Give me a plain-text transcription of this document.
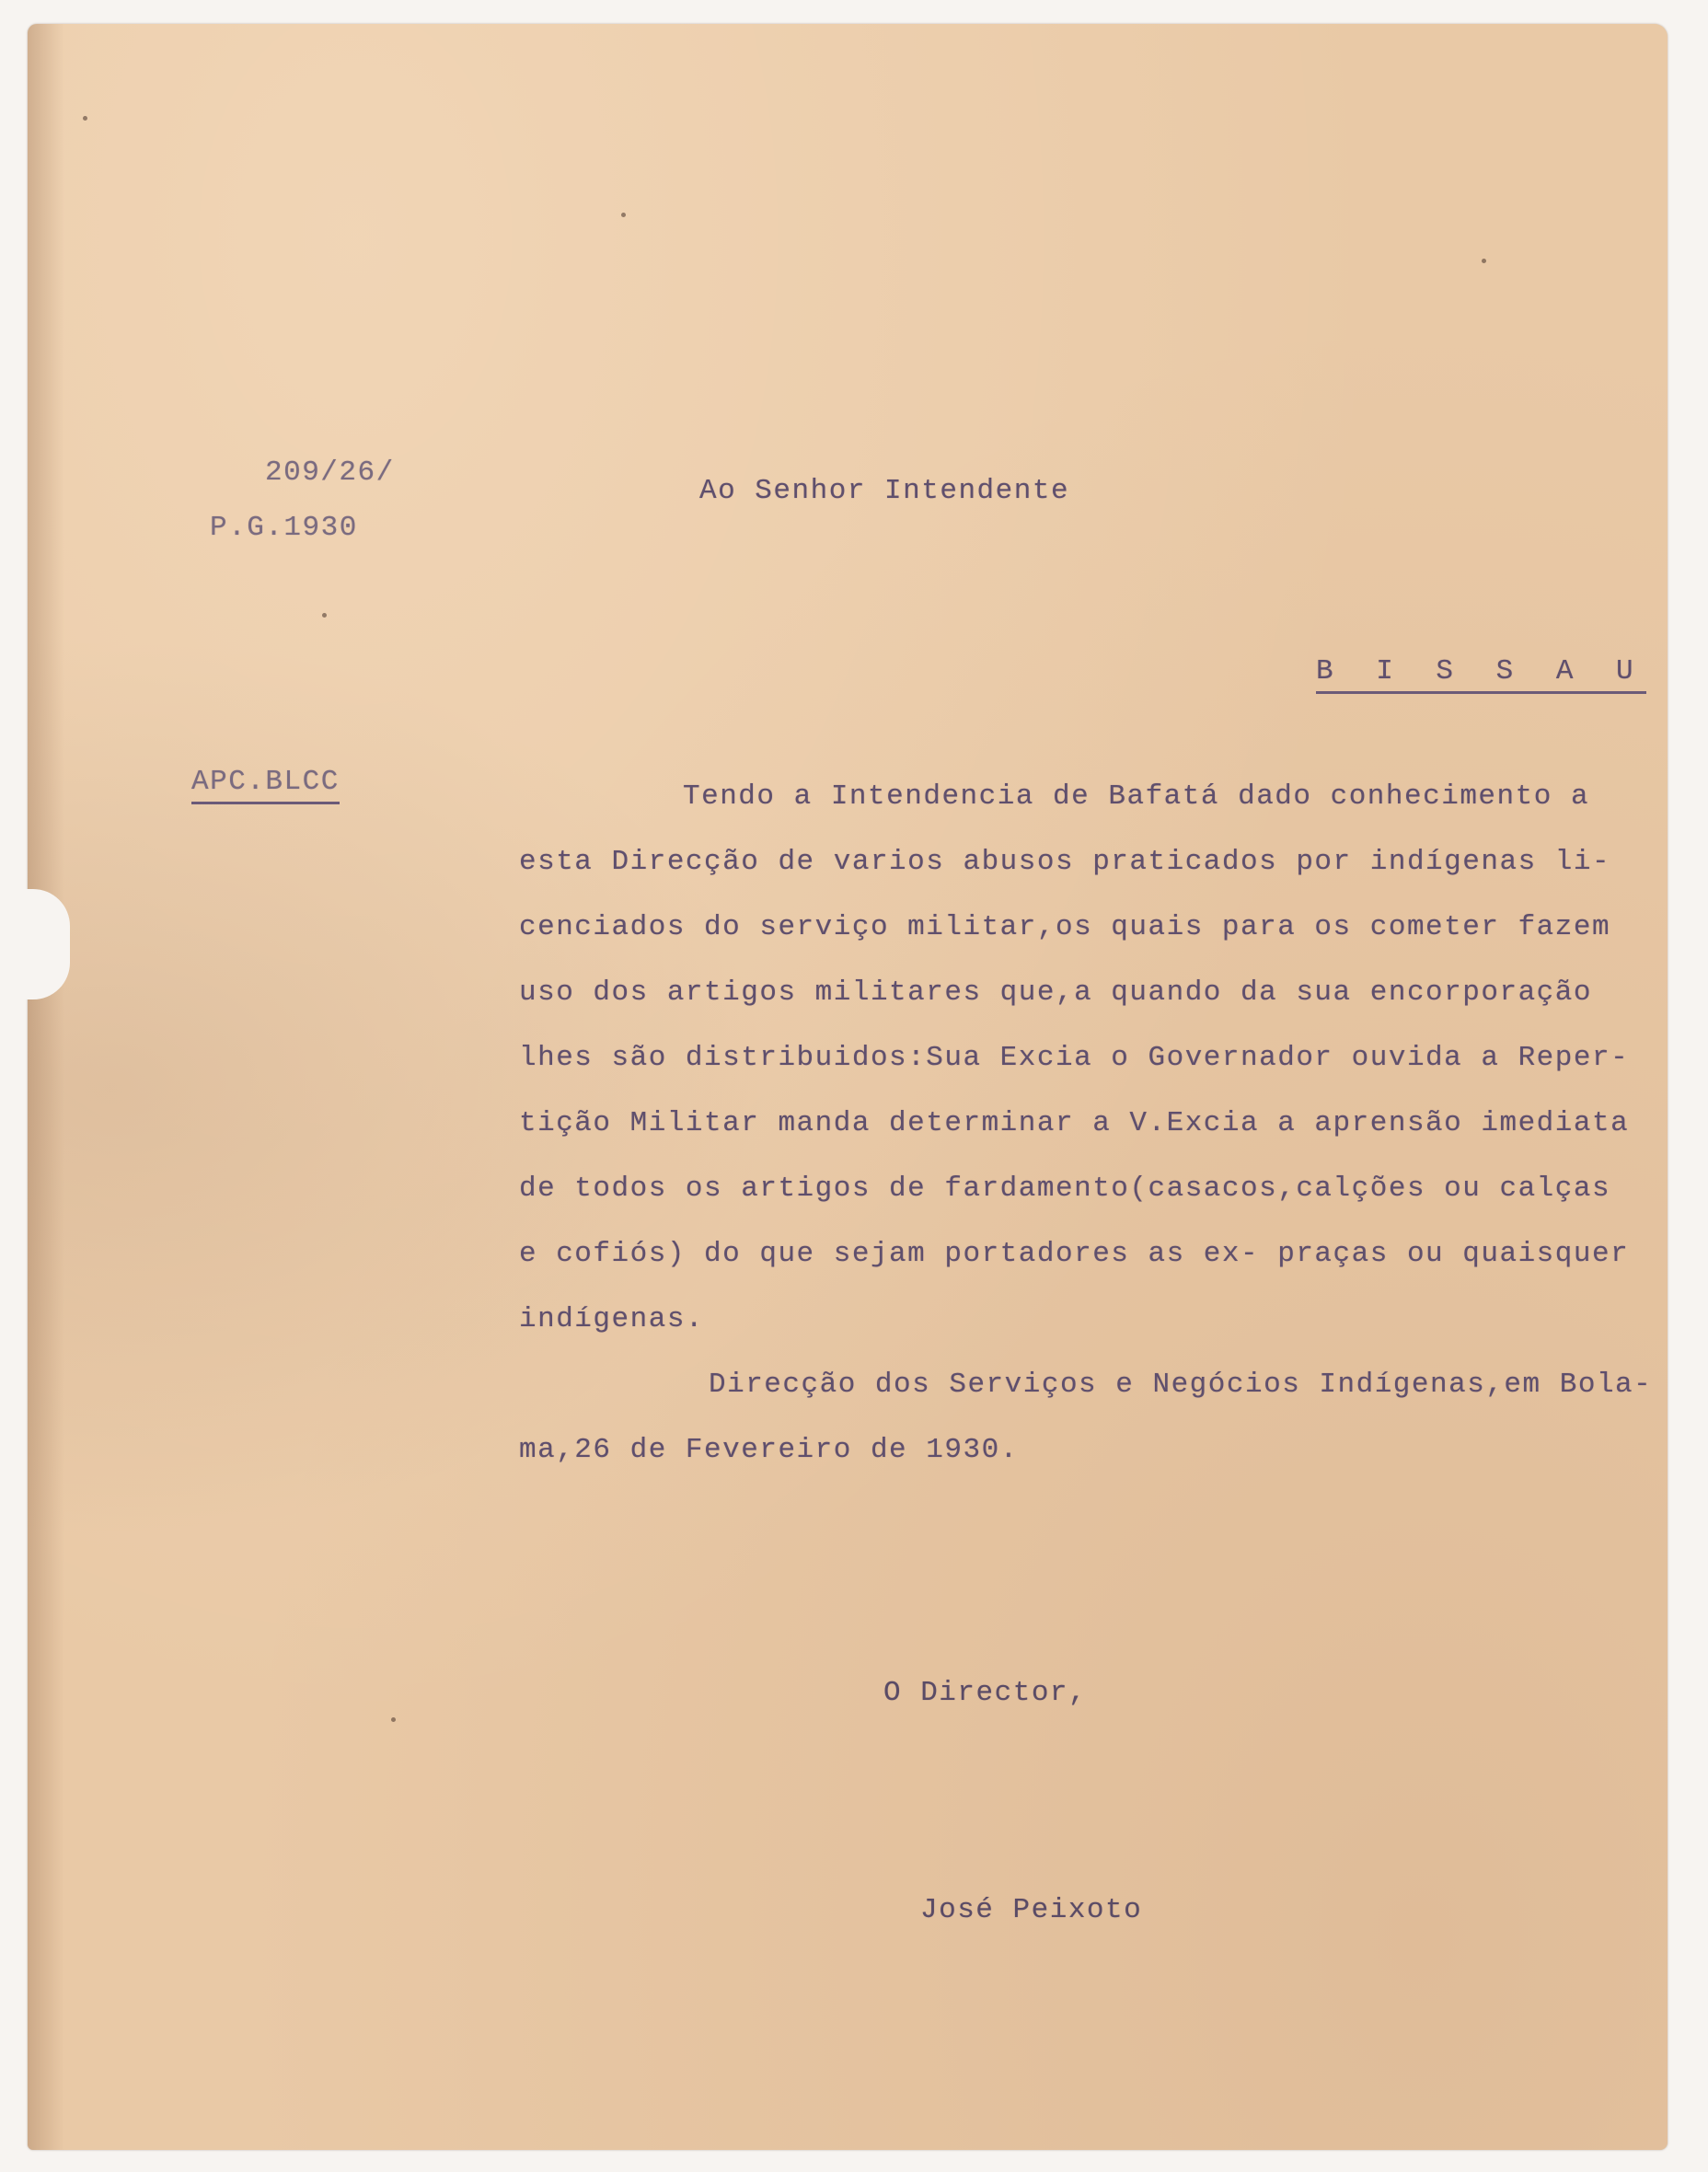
209/26/
P.G.1930
APC.BLCC
Ao Senhor Intendente
B I S S A U
Tendo a Intendencia de Bafatá dado conhecimento a
esta Direcção de varios abusos praticados por indígenas li-
cenciados do serviço militar,os quais para os cometer fazem
uso dos artigos militares que,a quando da sua encorporação
lhes são distribuidos:Sua Excia o Governador ouvida a Reper-
tição Militar manda determinar a V.Excia a aprensão imediata
de todos os artigos de fardamento(casacos,calções ou calças
e cofiós) do que sejam portadores as ex- praças ou quaisquer
indígenas.
Direcção dos Serviços e Negócios Indígenas,em Bola-
ma,26 de Fevereiro de 1930.
O Director,
José Peixoto
